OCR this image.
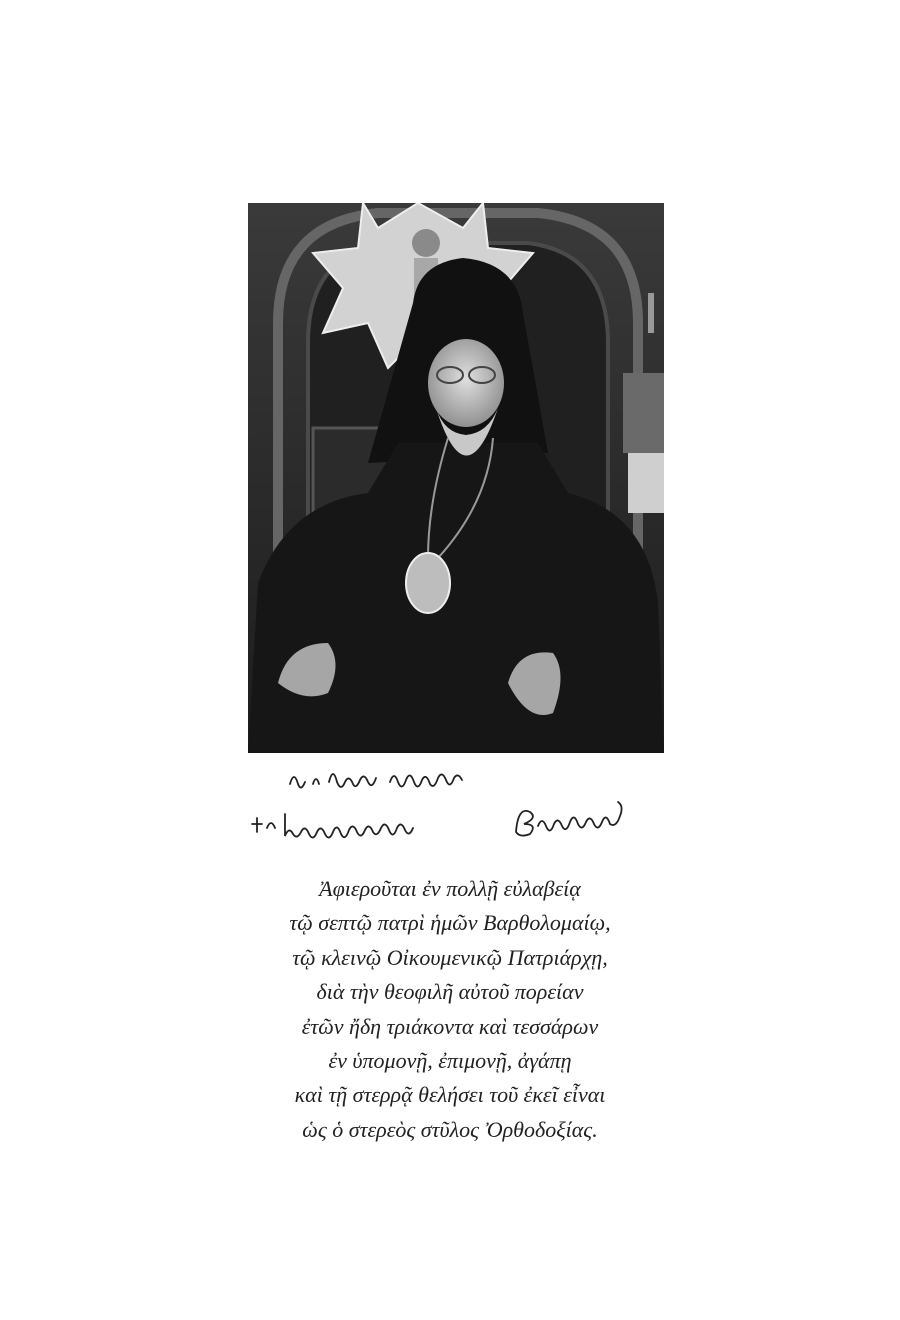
Ἀφιεροῦται ἐν πολλῇ εὐλαβείᾳ
τῷ σεπτῷ πατρὶ ἡμῶν Βαρθολομαίῳ,
τῷ κλεινῷ Οἰκουμενικῷ Πατριάρχῃ,
διὰ τὴν θεοφιλῆ αὐτοῦ πορείαν
ἐτῶν ἤδη τριάκοντα καὶ τεσσάρων
ἐν ὑπομονῇ, ἐπιμονῇ, ἀγάπῃ
καὶ τῇ στερρᾷ θελήσει τοῦ ἐκεῖ εἶναι
ὡς ὁ στερεὸς στῦλος Ὀρθοδοξίας.
